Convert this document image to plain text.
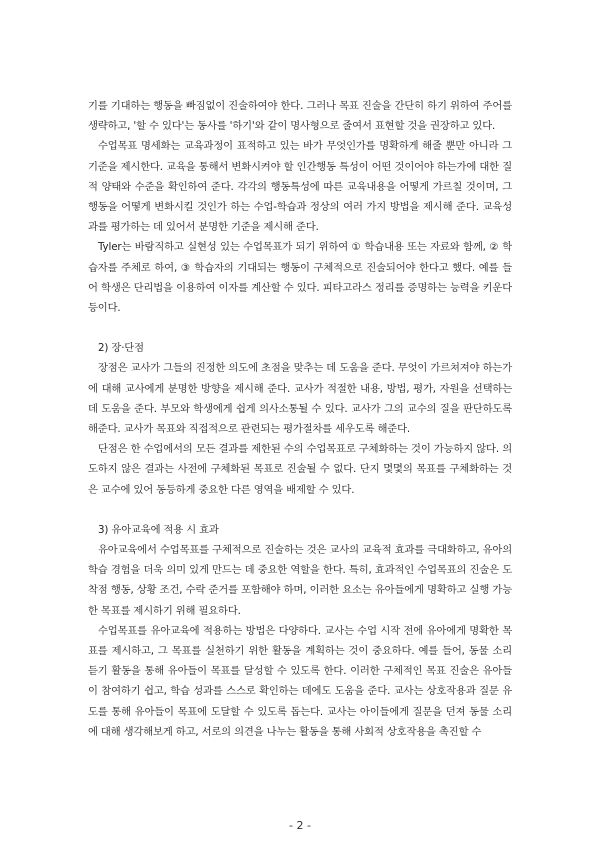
기를 기대하는 행동을 빠짐없이 진술하여야 한다. 그러나 목표 진술을 간단히 하기 위하여 주어를 생략하고, '할 수 있다'는 동사를 '하기'와 같이 명사형으로 줄여서 표현할 것을 권장하고 있다.

수업목표 명세화는 교육과정이 표적하고 있는 바가 무엇인가를 명확하게 해줄 뿐만 아니라 그 기준을 제시한다. 교육을 통해서 변화시켜야 할 인간행동 특성이 어떤 것이어야 하는가에 대한 질적 양태와 수준을 확인하여 준다. 각각의 행동특성에 따른 교육내용을 어떻게 가르칠 것이며, 그 행동을 어떻게 변화시킬 것인가 하는 수업-학습과 정상의 여러 가지 방법을 제시해 준다. 교육성과를 평가하는 데 있어서 분명한 기준을 제시해 준다.

Tyler는 바람직하고 실현성 있는 수업목표가 되기 위하여 ① 학습내용 또는 자료와 함께, ② 학습자를 주체로 하여, ③ 학습자의 기대되는 행동이 구체적으로 진술되어야 한다고 했다. 예를 들어 학생은 단리법을 이용하여 이자를 계산할 수 있다. 피타고라스 정리를 증명하는 능력을 키운다 등이다.

2) 장·단점

장점은 교사가 그들의 진정한 의도에 초점을 맞추는 데 도움을 준다. 무엇이 가르쳐져야 하는가에 대해 교사에게 분명한 방향을 제시해 준다. 교사가 적절한 내용, 방법, 평가, 자원을 선택하는 데 도움을 준다. 부모와 학생에게 쉽게 의사소통될 수 있다. 교사가 그의 교수의 질을 판단하도록 해준다. 교사가 목표와 직접적으로 관련되는 평가절차를 세우도록 해준다.

단점은 한 수업에서의 모든 결과를 제한된 수의 수업목표로 구체화하는 것이 가능하지 않다. 의도하지 않은 결과는 사전에 구체화된 목표로 진술될 수 없다. 단지 몇몇의 목표를 구체화하는 것은 교수에 있어 동등하게 중요한 다른 영역을 배제할 수 있다.

3) 유아교육에 적용 시 효과

유아교육에서 수업목표를 구체적으로 진술하는 것은 교사의 교육적 효과를 극대화하고, 유아의 학습 경험을 더욱 의미 있게 만드는 데 중요한 역할을 한다. 특히, 효과적인 수업목표의 진술은 도착점 행동, 상황 조건, 수락 준거를 포함해야 하며, 이러한 요소는 유아들에게 명확하고 실행 가능한 목표를 제시하기 위해 필요하다.

수업목표를 유아교육에 적용하는 방법은 다양하다. 교사는 수업 시작 전에 유아에게 명확한 목표를 제시하고, 그 목표를 실천하기 위한 활동을 계획하는 것이 중요하다. 예를 들어, 동물 소리 듣기 활동을 통해 유아들이 목표를 달성할 수 있도록 한다. 이러한 구체적인 목표 진술은 유아들이 참여하기 쉽고, 학습 성과를 스스로 확인하는 데에도 도움을 준다. 교사는 상호작용과 질문 유도를 통해 유아들이 목표에 도달할 수 있도록 돕는다. 교사는 아이들에게 질문을 던져 동물 소리에 대해 생각해보게 하고, 서로의 의견을 나누는 활동을 통해 사회적 상호작용을 촉진할 수

- 2 -
